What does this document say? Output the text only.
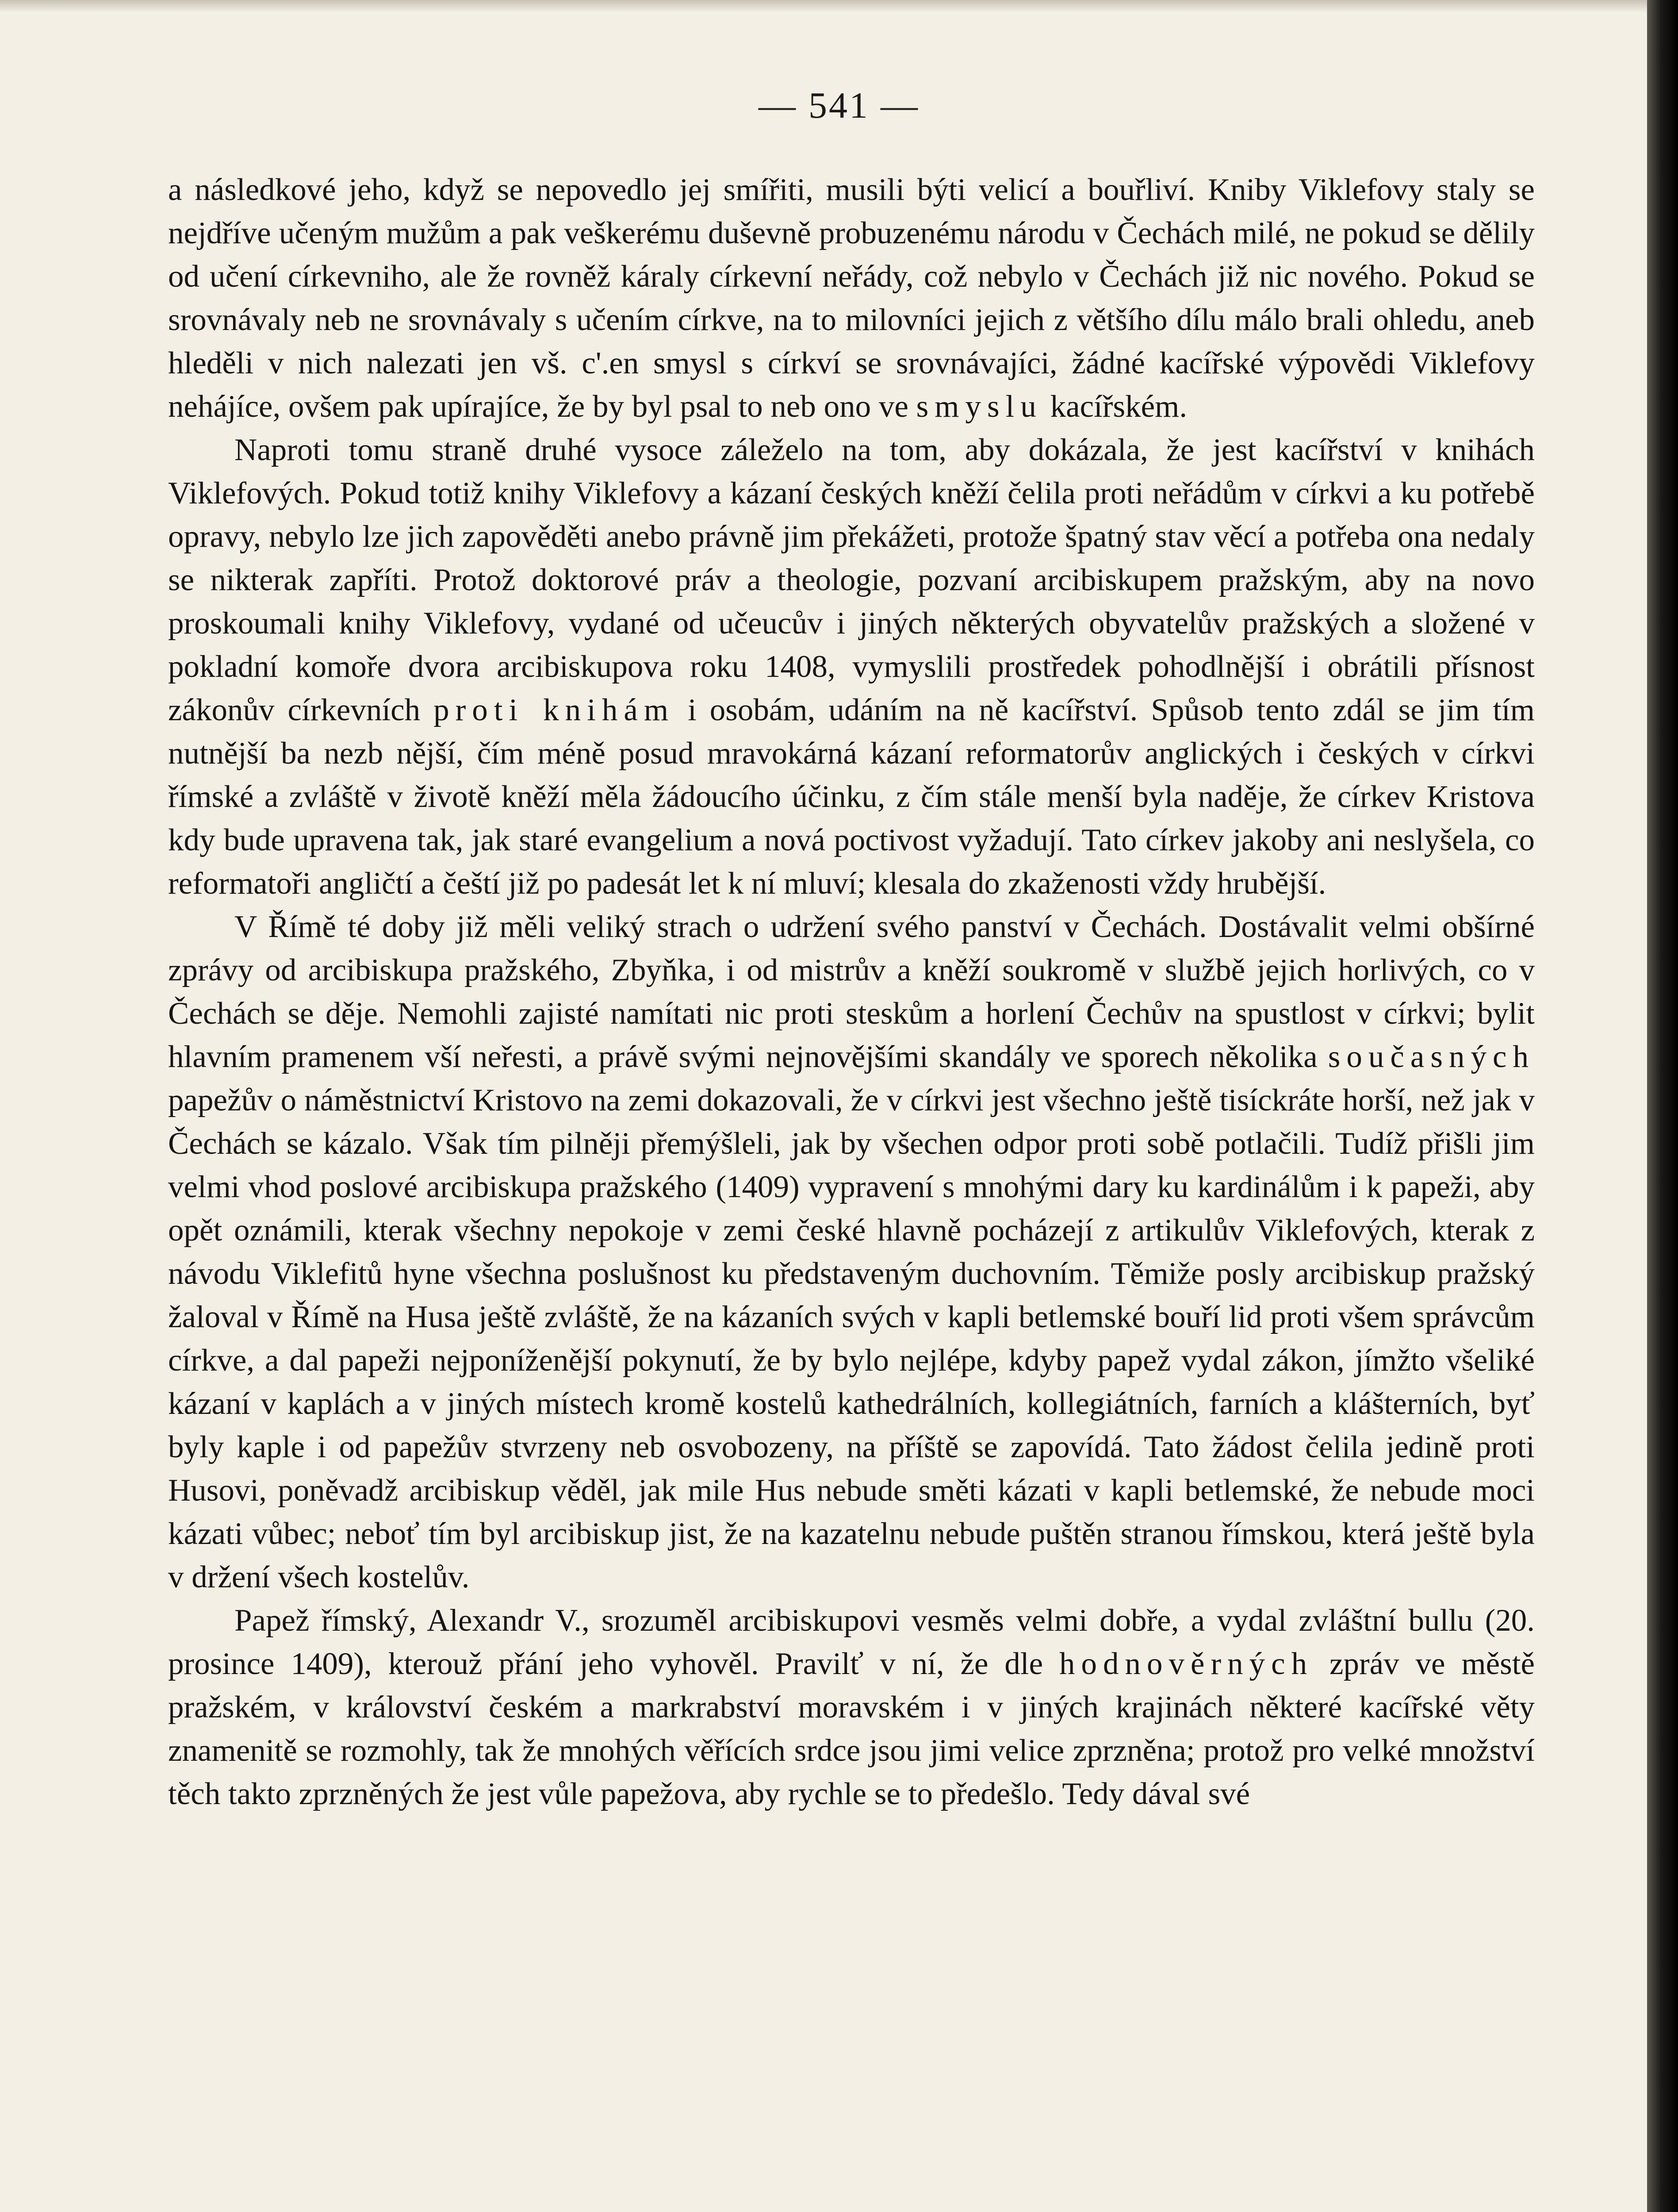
— 541 —

a následkové jeho, když se nepovedlo jej smířiti, musili býti velicí a bouřliví. Kniby Viklefovy staly se nejdříve učeným mužům a pak veškerému duševně probuzenému národu v Čechách milé, ne pokud se dělily od učení církevniho, ale že rovněž káraly církevní neřády, což nebylo v Čechách již nic nového. Pokud se srovnávaly neb ne srovnávaly s učením církve, na to milovníci jejich z většího dílu málo brali ohledu, aneb hleděli v nich nalezati jen vš. c'.en smysl s církví se srovnávajíci, žádné kacířské výpovědi Viklefovy nehájíce, ovšem pak upírajíce, že by byl psal to neb ono ve smyslu kacířském.

Naproti tomu straně druhé vysoce záleželo na tom, aby dokázala, že jest kacířství v knihách Viklefových. Pokud totiž knihy Viklefovy a kázaní českých kněží čelila proti neřádům v církvi a ku potřebě opravy, nebylo lze jich zapověděti anebo právně jim překážeti, protože špatný stav věcí a potřeba ona nedaly se nikterak zapříti. Protož doktorové práv a theologie, pozvaní arcibiskupem pražským, aby na novo proskoumali knihy Viklefovy, vydané od učeucův i jiných některých obyvatelův pražských a složené v pokladní komoře dvora arcibiskupova roku 1408, vymyslili prostředek pohodlnější i obrátili přísnost zákonův církevních proti knihám i osobám, udáním na ně kacířství. Spůsob tento zdál se jim tím nutnější ba nezb nější, čím méně posud mravokárná kázaní reformatorův anglických i českých v církvi římské a zvláště v životě kněží měla žádoucího účinku, z čím stále menší byla naděje, že církev Kristova kdy bude upravena tak, jak staré evangelium a nová poctivost vyžadují. Tato církev jakoby ani neslyšela, co reformatoři angličtí a čeští již po padesát let k ní mluví; klesala do zkaženosti vždy hrubější.

V Římě té doby již měli veliký strach o udržení svého panství v Čechách. Dostávalit velmi obšírné zprávy od arcibiskupa pražského, Zbyňka, i od mistrův a kněží soukromě v službě jejich horlivých, co v Čechách se děje. Nemohli zajisté namítati nic proti steskům a horlení Čechův na spustlost v církvi; bylit hlavním pramenem vší neřesti, a právě svými nejnovějšími skandály ve sporech několika současných papežův o náměstnictví Kristovo na zemi dokazovali, že v církvi jest všechno ještě tisíckráte horší, než jak v Čechách se kázalo. Však tím pilněji přemýšleli, jak by všechen odpor proti sobě potlačili. Tudíž přišli jim velmi vhod poslové arcibiskupa pražského (1409) vypravení s mnohými dary ku kardinálům i k papeži, aby opět oznámili, kterak všechny nepokoje v zemi české hlavně pocházejí z artikulův Viklefových, kterak z návodu Viklefitů hyne všechna poslušnost ku představeným duchovním. Těmiže posly arcibiskup pražský žaloval v Římě na Husa ještě zvláště, že na kázaních svých v kapli betlemské bouří lid proti všem správcům církve, a dal papeži nejponíženější pokynutí, že by bylo nejlépe, kdyby papež vydal zákon, jímžto všeliké kázaní v kaplách a v jiných místech kromě kostelů kathedrálních, kollegiátních, farních a klášterních, byť byly kaple i od papežův stvrzeny neb osvobozeny, na příště se zapovídá. Tato žádost čelila jedině proti Husovi, poněvadž arcibiskup věděl, jak mile Hus nebude směti kázati v kapli betlemské, že nebude moci kázati vůbec; neboť tím byl arcibiskup jist, že na kazatelnu nebude puštěn stranou římskou, která ještě byla v držení všech kostelův.

Papež římský, Alexandr V., srozuměl arcibiskupovi vesměs velmi dobře, a vydal zvláštní bullu (20. prosince 1409), kterouž přání jeho vyhověl. Pravilť v ní, že dle hodnověrných zpráv ve městě pražském, v království českém a markrabství moravském i v jiných krajinách některé kacířské věty znamenitě se rozmohly, tak že mnohých věřících srdce jsou jimi velice zprzněna; protož pro velké množství těch takto zprzněných že jest vůle papežova, aby rychle se to předešlo. Tedy dával své
